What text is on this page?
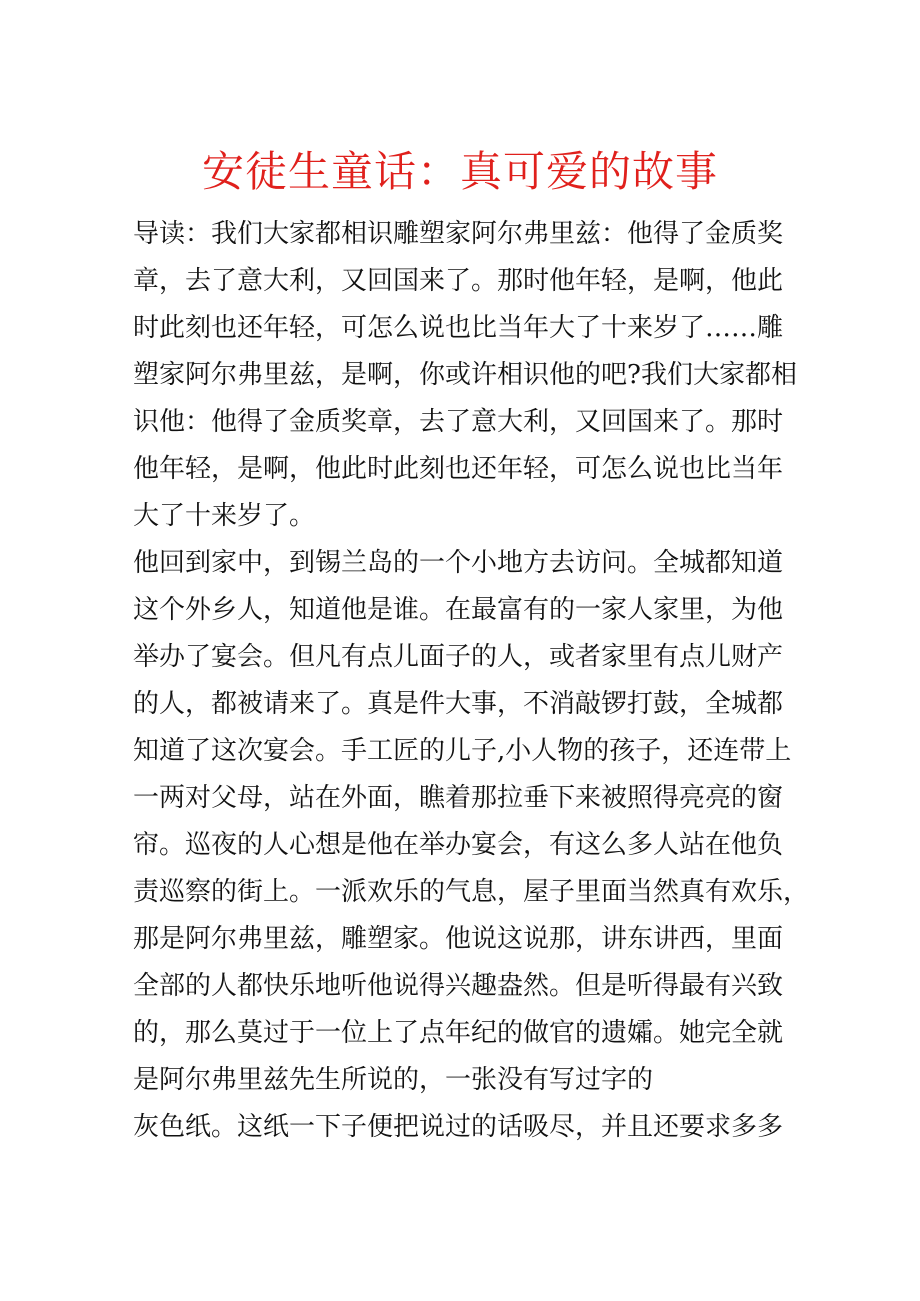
安徒生童话：真可爱的故事
导读：我们大家都相识雕塑家阿尔弗里兹：他得了金质奖
章，去了意大利，又回国来了。那时他年轻，是啊，他此
时此刻也还年轻，可怎么说也比当年大了十来岁了……雕
塑家阿尔弗里兹，是啊，你或许相识他的吧?我们大家都相
识他：他得了金质奖章，去了意大利，又回国来了。那时
他年轻，是啊，他此时此刻也还年轻，可怎么说也比当年
大了十来岁了。
他回到家中，到锡兰岛的一个小地方去访问。全城都知道
这个外乡人，知道他是谁。在最富有的一家人家里，为他
举办了宴会。但凡有点儿面子的人，或者家里有点儿财产
的人，都被请来了。真是件大事，不消敲锣打鼓，全城都
知道了这次宴会。手工匠的儿子,小人物的孩子，还连带上
一两对父母，站在外面，瞧着那拉垂下来被照得亮亮的窗
帘。巡夜的人心想是他在举办宴会，有这么多人站在他负
责巡察的街上。一派欢乐的气息，屋子里面当然真有欢乐，
那是阿尔弗里兹，雕塑家。他说这说那，讲东讲西，里面
全部的人都快乐地听他说得兴趣盎然。但是听得最有兴致
的，那么莫过于一位上了点年纪的做官的遗孀。她完全就
是阿尔弗里兹先生所说的，一张没有写过字的
灰色纸。这纸一下子便把说过的话吸尽，并且还要求多多
